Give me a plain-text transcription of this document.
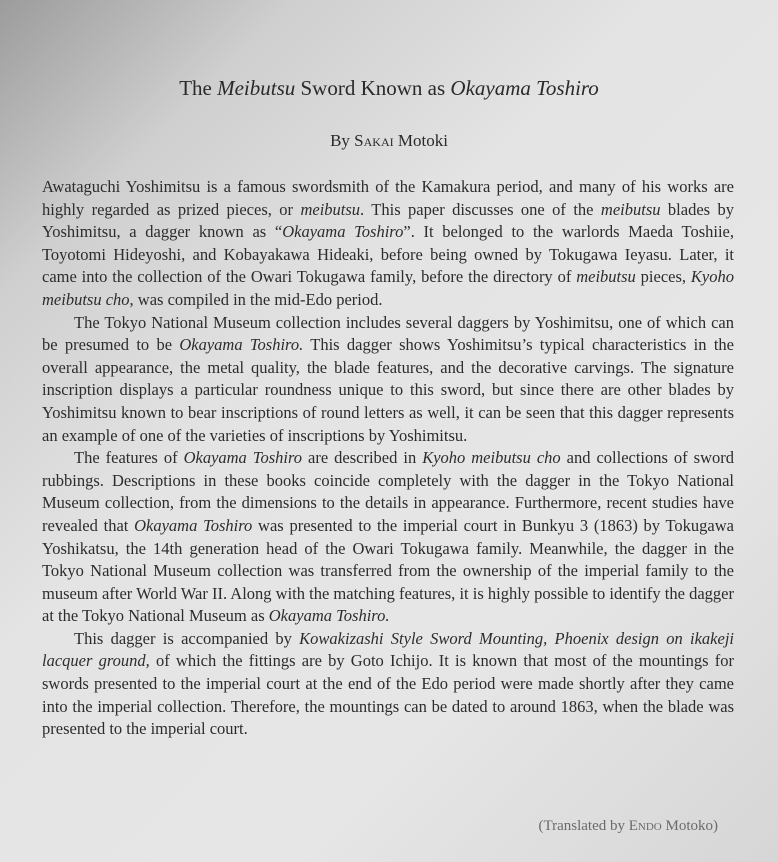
The Meibutsu Sword Known as Okayama Toshiro
By Sakai Motoki

Awataguchi Yoshimitsu is a famous swordsmith of the Kamakura period, and many of his works are highly regarded as prized pieces, or meibutsu. This paper discusses one of the meibutsu blades by Yoshimitsu, a dagger known as “Okayama Toshiro”. It belonged to the warlords Maeda Toshiie, Toyotomi Hideyoshi, and Kobayakawa Hideaki, before being owned by Tokugawa Ieyasu. Later, it came into the collection of the Owari Tokugawa family, before the directory of meibutsu pieces, Kyoho meibutsu cho, was compiled in the mid-Edo period.

The Tokyo National Museum collection includes several daggers by Yoshimitsu, one of which can be presumed to be Okayama Toshiro. This dagger shows Yoshimitsu’s typical characteristics in the overall appearance, the metal quality, the blade features, and the decorative carvings. The signature inscription displays a particular roundness unique to this sword, but since there are other blades by Yoshimitsu known to bear inscriptions of round letters as well, it can be seen that this dagger represents an example of one of the varieties of inscriptions by Yoshimitsu.

The features of Okayama Toshiro are described in Kyoho meibutsu cho and collections of sword rubbings. Descriptions in these books coincide completely with the dagger in the Tokyo National Museum collection, from the dimensions to the details in appearance. Furthermore, recent studies have revealed that Okayama Toshiro was presented to the imperial court in Bunkyu 3 (1863) by Tokugawa Yoshikatsu, the 14th generation head of the Owari Tokugawa family. Meanwhile, the dagger in the Tokyo National Museum collection was transferred from the ownership of the imperial family to the museum after World War II. Along with the matching features, it is highly possible to identify the dagger at the Tokyo National Museum as Okayama Toshiro.

This dagger is accompanied by Kowakizashi Style Sword Mounting, Phoenix design on ikakeji lacquer ground, of which the fittings are by Goto Ichijo. It is known that most of the mountings for swords presented to the imperial court at the end of the Edo period were made shortly after they came into the imperial collection. Therefore, the mountings can be dated to around 1863, when the blade was presented to the imperial court.

(Translated by Endo Motoko)
